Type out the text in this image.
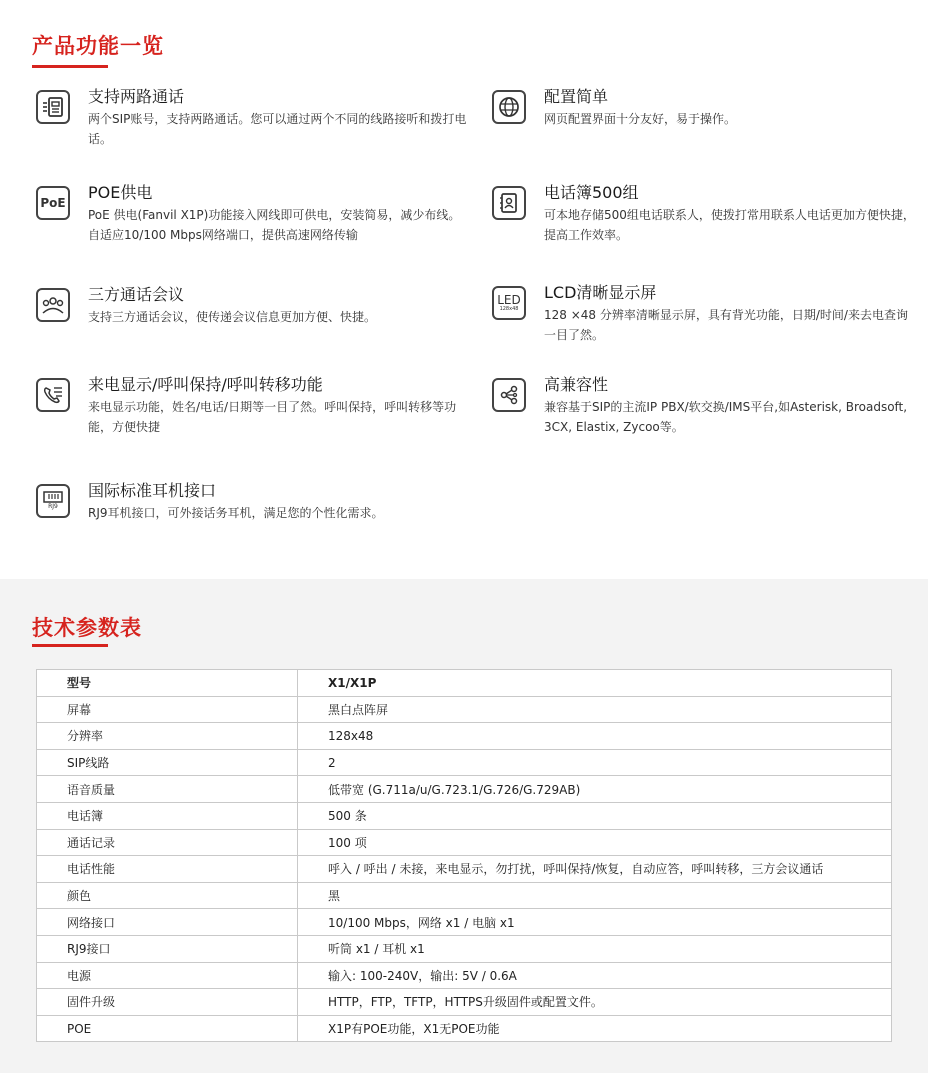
产品功能一览
支持两路通话
两个SIP账号，支持两路通话。您可以通过两个不同的线路接听和拨打电话。
配置简单
网页配置界面十分友好，易于操作。
PoE
POE供电
PoE 供电(Fanvil X1P)功能接入网线即可供电，安装简易，减少布线。自适应10/100 Mbps网络端口，提供高速网络传输
电话簿500组
可本地存储500组电话联系人，使拨打常用联系人电话更加方便快捷，提高工作效率。
三方通话会议
支持三方通话会议，使传递会议信息更加方便、快捷。
LED
128x48
LCD清晰显示屏
128 ×48 分辨率清晰显示屏，具有背光功能，日期/时间/来去电查询一目了然。
来电显示/呼叫保持/呼叫转移功能
来电显示功能，姓名/电话/日期等一目了然。呼叫保持，呼叫转移等功能，方便快捷
高兼容性
兼容基于SIP的主流IP PBX/软交换/IMS平台,如Asterisk, Broadsoft, 3CX, Elastix, Zycoo等。
RJ9
国际标准耳机接口
RJ9耳机接口，可外接话务耳机，满足您的个性化需求。
技术参数表
型号	X1/X1P
屏幕	黑白点阵屏
分辨率	128x48
SIP线路	2
语音质量	低带宽 (G.711a/u/G.723.1/G.726/G.729AB)
电话簿	500 条
通话记录	100 项
电话性能	呼入 / 呼出 / 未接，来电显示，勿打扰，呼叫保持/恢复，自动应答，呼叫转移，三方会议通话
颜色	黑
网络接口	10/100 Mbps，网络 x1 / 电脑 x1
RJ9接口	听筒 x1 / 耳机 x1
电源	输入: 100-240V，输出: 5V / 0.6A
固件升级	HTTP，FTP，TFTP，HTTPS升级固件或配置文件。
POE	X1P有POE功能，X1无POE功能
